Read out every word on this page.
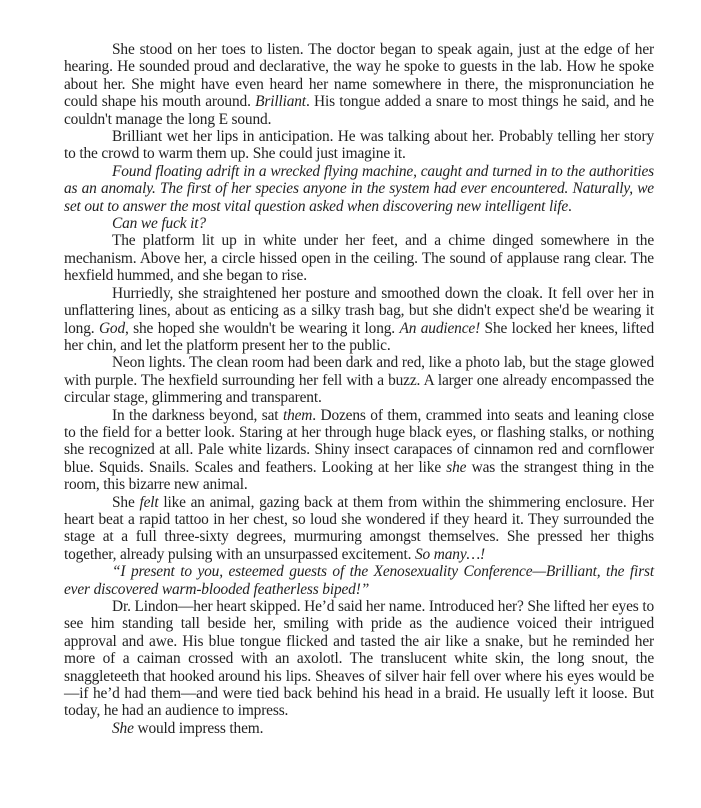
She stood on her toes to listen. The doctor began to speak again, just at the edge of her hearing. He sounded proud and declarative, the way he spoke to guests in the lab. How he spoke about her. She might have even heard her name somewhere in there, the mispronunciation he could shape his mouth around. Brilliant. His tongue added a snare to most things he said, and he couldn't manage the long E sound.

Brilliant wet her lips in anticipation. He was talking about her. Probably telling her story to the crowd to warm them up. She could just imagine it.

Found floating adrift in a wrecked flying machine, caught and turned in to the authorities as an anomaly. The first of her species anyone in the system had ever encountered. Naturally, we set out to answer the most vital question asked when discovering new intelligent life.

Can we fuck it?

The platform lit up in white under her feet, and a chime dinged somewhere in the mechanism. Above her, a circle hissed open in the ceiling. The sound of applause rang clear. The hexfield hummed, and she began to rise.

Hurriedly, she straightened her posture and smoothed down the cloak. It fell over her in unflattering lines, about as enticing as a silky trash bag, but she didn't expect she'd be wearing it long. God, she hoped she wouldn't be wearing it long. An audience! She locked her knees, lifted her chin, and let the platform present her to the public.

Neon lights. The clean room had been dark and red, like a photo lab, but the stage glowed with purple. The hexfield surrounding her fell with a buzz. A larger one already encompassed the circular stage, glimmering and transparent.

In the darkness beyond, sat them. Dozens of them, crammed into seats and leaning close to the field for a better look. Staring at her through huge black eyes, or flashing stalks, or nothing she recognized at all. Pale white lizards. Shiny insect carapaces of cinnamon red and cornflower blue. Squids. Snails. Scales and feathers. Looking at her like she was the strangest thing in the room, this bizarre new animal.

She felt like an animal, gazing back at them from within the shimmering enclosure. Her heart beat a rapid tattoo in her chest, so loud she wondered if they heard it. They surrounded the stage at a full three-sixty degrees, murmuring amongst themselves. She pressed her thighs together, already pulsing with an unsurpassed excitement. So many…!

“I present to you, esteemed guests of the Xenosexuality Conference—Brilliant, the first ever discovered warm-blooded featherless biped!”

Dr. Lindon—her heart skipped. He’d said her name. Introduced her? She lifted her eyes to see him standing tall beside her, smiling with pride as the audience voiced their intrigued approval and awe. His blue tongue flicked and tasted the air like a snake, but he reminded her more of a caiman crossed with an axolotl. The translucent white skin, the long snout, the snaggleteeth that hooked around his lips. Sheaves of silver hair fell over where his eyes would be—if he’d had them—and were tied back behind his head in a braid. He usually left it loose. But today, he had an audience to impress.

She would impress them.
